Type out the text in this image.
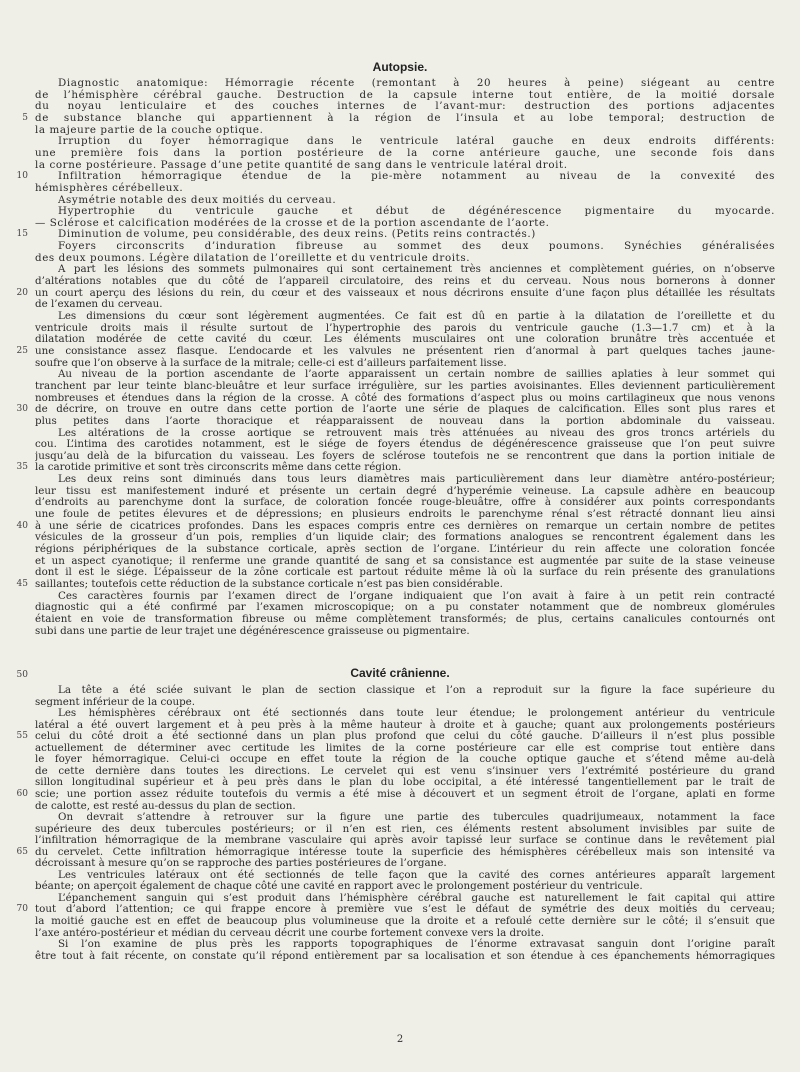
Autopsie.
Diagnostic anatomique: Hémorragie récente (remontant à 20 heures à peine) siégeant au centre
de l’hémisphère cérébral gauche. Destruction de la capsule interne tout entière, de la moitié dorsale
du noyau lenticulaire et des couches internes de l’avant-mur: destruction des portions adjacentes
5 de substance blanche qui appartiennent à la région de l’insula et au lobe temporal; destruction de
la majeure partie de la couche optique.
Irruption du foyer hémorragique dans le ventricule latéral gauche en deux endroits différents:
une première fois dans la portion postérieure de la corne antérieure gauche, une seconde fois dans
la corne postérieure. Passage d’une petite quantité de sang dans le ventricule latéral droit.
10	Infiltration hémorragique étendue de la pie-mère notamment au niveau de la convexité des
hémisphères cérébelleux.
Asymétrie notable des deux moitiés du cerveau.
Hypertrophie du ventricule gauche et début de dégénérescence pigmentaire du myocarde.
— Sclérose et calcification modérées de la crosse et de la portion ascendante de l’aorte.
15	Diminution de volume, peu considérable, des deux reins. (Petits reins contractés.)
Foyers circonscrits d’induration fibreuse au sommet des deux poumons. Synéchies généralisées
des deux poumons. Légère dilatation de l’oreillette et du ventricule droits.
A part les lésions des sommets pulmonaires qui sont certainement très anciennes et complètement guéries, on n’observe
d’altérations notables que du côté de l’appareil circulatoire, des reins et du cerveau. Nous nous bornerons à donner
20 un court aperçu des lésions du rein, du cœur et des vaisseaux et nous décrirons ensuite d’une façon plus détaillée les résultats
de l’examen du cerveau.
Les dimensions du cœur sont légèrement augmentées. Ce fait est dû en partie à la dilatation de l’oreillette et du
ventricule droits mais il résulte surtout de l’hypertrophie des parois du ventricule gauche (1.3—1.7 cm) et à la
dilatation modérée de cette cavité du cœur. Les éléments musculaires ont une coloration brunâtre très accentuée et
25 une consistance assez flasque. L’endocarde et les valvules ne présentent rien d’anormal à part quelques taches jaune-
soufre que l’on observe à la surface de la mitrale; celle-ci est d’ailleurs parfaitement lisse.
Au niveau de la portion ascendante de l’aorte apparaissent un certain nombre de saillies aplaties à leur sommet qui
tranchent par leur teinte blanc-bleuâtre et leur surface irrégulière, sur les parties avoisinantes. Elles deviennent particulièrement
nombreuses et étendues dans la région de la crosse. A côté des formations d’aspect plus ou moins cartilagineux que nous venons
30 de décrire, on trouve en outre dans cette portion de l’aorte une série de plaques de calcification. Elles sont plus rares et
plus petites dans l’aorte thoracique et réapparaissent de nouveau dans la portion abdominale du vaisseau.
Les altérations de la crosse aortique se retrouvent mais très atténuées au niveau des gros troncs artériels du
cou. L’intima des carotides notamment, est le siége de foyers étendus de dégénérescence graisseuse que l’on peut suivre
jusqu’au delà de la bifurcation du vaisseau. Les foyers de sclérose toutefois ne se rencontrent que dans la portion initiale de
35 la carotide primitive et sont très circonscrits même dans cette région.
Les deux reins sont diminués dans tous leurs diamètres mais particulièrement dans leur diamètre antéro-postérieur;
leur tissu est manifestement induré et présente un certain degré d’hyperémie veineuse. La capsule adhère en beaucoup
d’endroits au parenchyme dont la surface, de coloration foncée rouge-bleuâtre, offre à considérer aux points correspondants
une foule de petites élevures et de dépressions; en plusieurs endroits le parenchyme rénal s’est rétracté donnant lieu ainsi
40 à une série de cicatrices profondes. Dans les espaces compris entre ces dernières on remarque un certain nombre de petites
vésicules de la grosseur d’un pois, remplies d’un liquide clair; des formations analogues se rencontrent également dans les
régions périphériques de la substance corticale, après section de l’organe. L’intérieur du rein affecte une coloration foncée
et un aspect cyanotique; il renferme une grande quantité de sang et sa consistance est augmentée par suite de la stase veineuse
dont il est le siége. L’épaisseur de la zône corticale est partout réduite même là où la surface du rein présente des granulations
45 saillantes; toutefois cette réduction de la substance corticale n’est pas bien considérable.
Ces caractères fournis par l’examen direct de l’organe indiquaient que l’on avait à faire à un petit rein contracté
diagnostic qui a été confirmé par l’examen microscopique; on a pu constater notamment que de nombreux glomérules
étaient en voie de transformation fibreuse ou même complètement transformés; de plus, certains canalicules contournés ont
subi dans une partie de leur trajet une dégénérescence graisseuse ou pigmentaire.
50	Cavité crânienne.
La tête a été sciée suivant le plan de section classique et l’on a reproduit sur la figure la face supérieure du
segment inférieur de la coupe.
Les hémisphères cérébraux ont été sectionnés dans toute leur étendue; le prolongement antérieur du ventricule
latéral a été ouvert largement et à peu près à la même hauteur à droite et à gauche; quant aux prolongements postérieurs
55 celui du côté droit a été sectionné dans un plan plus profond que celui du côté gauche. D’ailleurs il n’est plus possible
actuellement de déterminer avec certitude les limites de la corne postérieure car elle est comprise tout entière dans
le foyer hémorragique. Celui-ci occupe en effet toute la région de la couche optique gauche et s’étend même au-delà
de cette dernière dans toutes les directions. Le cervelet qui est venu s’insinuer vers l’extrémité postérieure du grand
sillon longitudinal supérieur et à peu près dans le plan du lobe occipital, a été intéressé tangentiellement par le trait de
60 scie; une portion assez réduite toutefois du vermis a été mise à découvert et un segment étroit de l’organe, aplati en forme
de calotte, est resté au-dessus du plan de section.
On devrait s’attendre à retrouver sur la figure une partie des tubercules quadrijumeaux, notamment la face
supérieure des deux tubercules postérieurs; or il n’en est rien, ces éléments restent absolument invisibles par suite de
l’infiltration hémorragique de la membrane vasculaire qui après avoir tapissé leur surface se continue dans le revêtement pial
65 du cervelet. Cette infiltration hémorragique intéresse toute la superficie des hémisphères cérébelleux mais son intensité va
décroissant à mesure qu’on se rapproche des parties postérieures de l’organe.
Les ventricules latéraux ont été sectionnés de telle façon que la cavité des cornes antérieures apparaît largement
béante; on aperçoit également de chaque côté une cavité en rapport avec le prolongement postérieur du ventricule.
L’épanchement sanguin qui s’est produit dans l’hémisphère cérébral gauche est naturellement le fait capital qui attire
70 tout d’abord l’attention; ce qui frappe encore à première vue s’est le défaut de symétrie des deux moitiés du cerveau;
la moitié gauche est en effet de beaucoup plus volumineuse que la droite et a refoulé cette dernière sur le côté; il s’ensuit que
l’axe antéro-postérieur et médian du cerveau décrit une courbe fortement convexe vers la droite.
Si l’on examine de plus près les rapports topographiques de l’énorme extravasat sanguin dont l’origine paraît
être tout à fait récente, on constate qu’il répond entièrement par sa localisation et son étendue à ces épanchements hémorragiques
2
